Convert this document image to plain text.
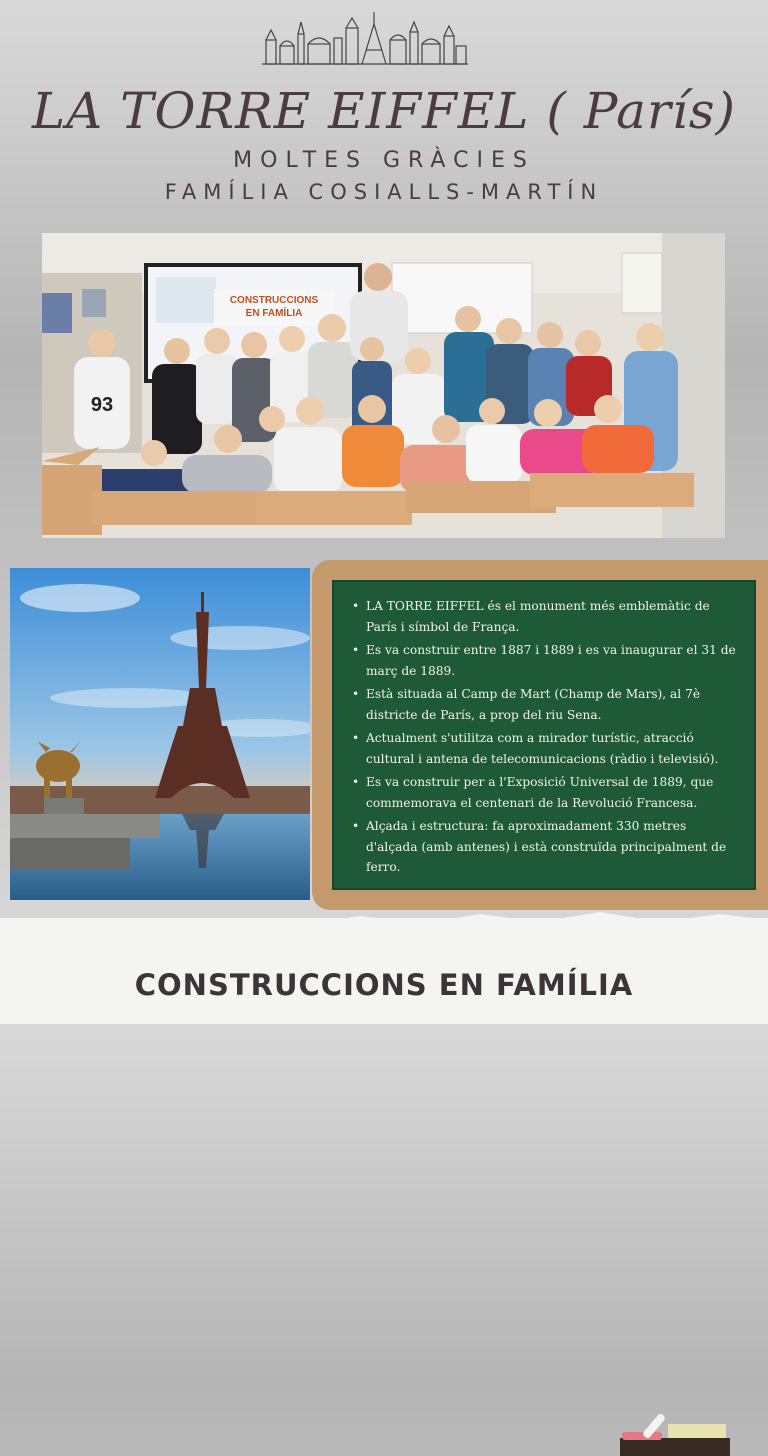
LA TORRE EIFFEL ( París)
MOLTES GRÀCIES
FAMÍLIA COSIALLS-MARTÍN
CONSTRUCCIONS
EN FAMÍLIA
93
• LA TORRE EIFFEL és el monument més emblemàtic de París i símbol de França.
• Es va construir entre 1887 i 1889 i es va inaugurar el 31 de març de 1889.
• Està situada al Camp de Mart (Champ de Mars), al 7è districte de París, a prop del riu Sena.
• Actualment s'utilitza com a mirador turístic, atracció cultural i antena de telecomunicacions (ràdio i televisió).
• Es va construir per a l'Exposició Universal de 1889, que commemorava el centenari de la Revolució Francesa.
• Alçada i estructura: fa aproximadament 330 metres d'alçada (amb antenes) i està construïda principalment de ferro.
CONSTRUCCIONS EN FAMÍLIA
